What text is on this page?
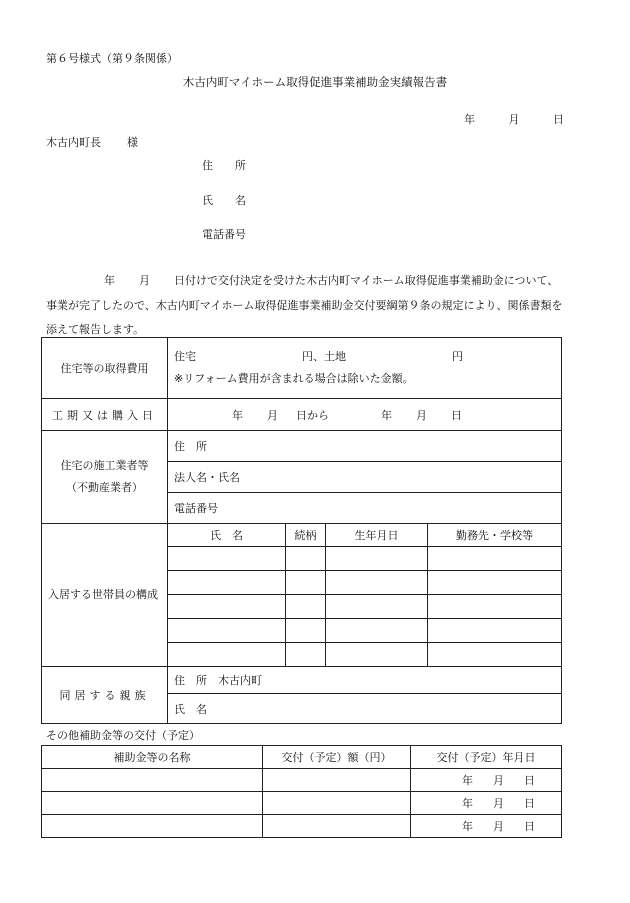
第６号様式（第９条関係）
木古内町マイホーム取得促進事業補助金実績報告書
年	月	日
木古内町長 様
住 所
氏 名
電話番号
年 月 日付けで交付決定を受けた木古内町マイホーム取得促進事業補助金について、事業が完了したので、木古内町マイホーム取得促進事業補助金交付要綱第９条の規定により、関係書類を添えて報告します。
住宅等の取得費用	住宅 円、土地 円
※リフォーム費用が含まれる場合は除いた金額。			
工期又は購入日	年 月 日から 年 月 日			
住宅の施工業者等
（不動産業者）	住　所			
	法人名・氏名			
	電話番号			
入居する世帯員の構成	氏　名	続柄	生年月日	勤務先・学校等

同居する親族	住　所　木古内町			
	氏　名			
その他補助金等の交付（予定）
補助金等の名称	交付（予定）額（円）	交付（予定）年月日
		年 月 日
		年 月 日
		年 月 日
